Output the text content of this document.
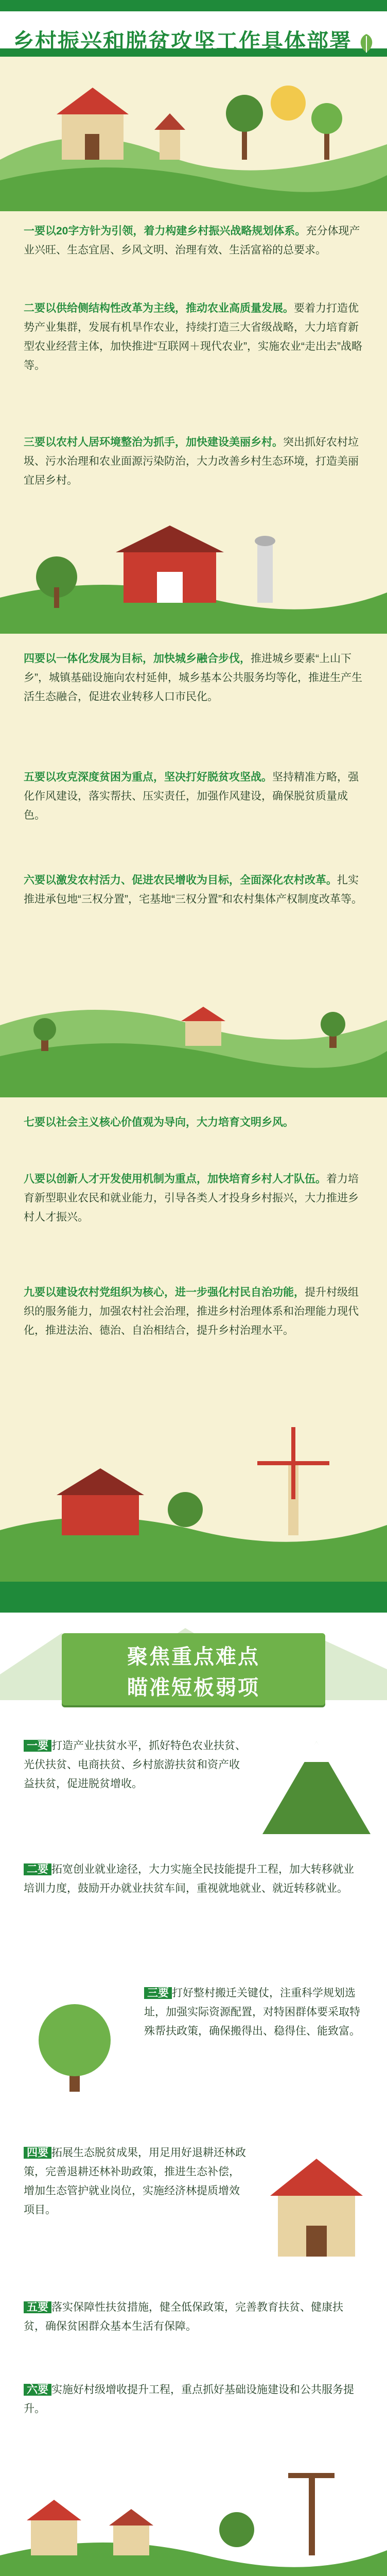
乡村振兴和脱贫攻坚工作具体部署
一要以20字方针为引领，着力构建乡村振兴战略规划体系。充分体现产业兴旺、生态宜居、乡风文明、治理有效、生活富裕的总要求。
二要以供给侧结构性改革为主线，推动农业高质量发展。要着力打造优势产业集群，发展有机旱作农业，持续打造三大省级战略，大力培育新型农业经营主体，加快推进“互联网＋现代农业”，实施农业“走出去”战略等。
三要以农村人居环境整治为抓手，加快建设美丽乡村。突出抓好农村垃圾、污水治理和农业面源污染防治，大力改善乡村生态环境，打造美丽宜居乡村。
四要以一体化发展为目标，加快城乡融合步伐，推进城乡要素“上山下乡”，城镇基础设施向农村延伸，城乡基本公共服务均等化，推进生产生活生态融合，促进农业转移人口市民化。
五要以攻克深度贫困为重点，坚决打好脱贫攻坚战。坚持精准方略，强化作风建设，落实帮扶、压实责任，加强作风建设，确保脱贫质量成色。
六要以激发农村活力、促进农民增收为目标，全面深化农村改革。扎实推进承包地“三权分置”，宅基地“三权分置”和农村集体产权制度改革等。
七要以社会主义核心价值观为导向，大力培育文明乡风。
八要以创新人才开发使用机制为重点，加快培育乡村人才队伍。着力培育新型职业农民和就业能力，引导各类人才投身乡村振兴，大力推进乡村人才振兴。
九要以建设农村党组织为核心，进一步强化村民自治功能，提升村级组织的服务能力，加强农村社会治理，推进乡村治理体系和治理能力现代化，推进法治、德治、自治相结合，提升乡村治理水平。
聚焦重点难点
瞄准短板弱项
一要 打造产业扶贫水平，抓好特色农业扶贫、光伏扶贫、电商扶贫、乡村旅游扶贫和资产收益扶贫，促进脱贫增收。
二要 拓宽创业就业途径，大力实施全民技能提升工程，加大转移就业培训力度，鼓励开办就业扶贫车间，重视就地就业、就近转移就业。
三要 打好整村搬迁关键仗，注重科学规划选址，加强实际资源配置，对特困群体要采取特殊帮扶政策，确保搬得出、稳得住、能致富。
四要 拓展生态脱贫成果，用足用好退耕还林政策，完善退耕还林补助政策，推进生态补偿，增加生态管护就业岗位，实施经济林提质增效项目。
五要 落实保障性扶贫措施，健全低保政策，完善教育扶贫、健康扶贫，确保贫困群众基本生活有保障。
六要 实施好村级增收提升工程，重点抓好基础设施建设和公共服务提升。
